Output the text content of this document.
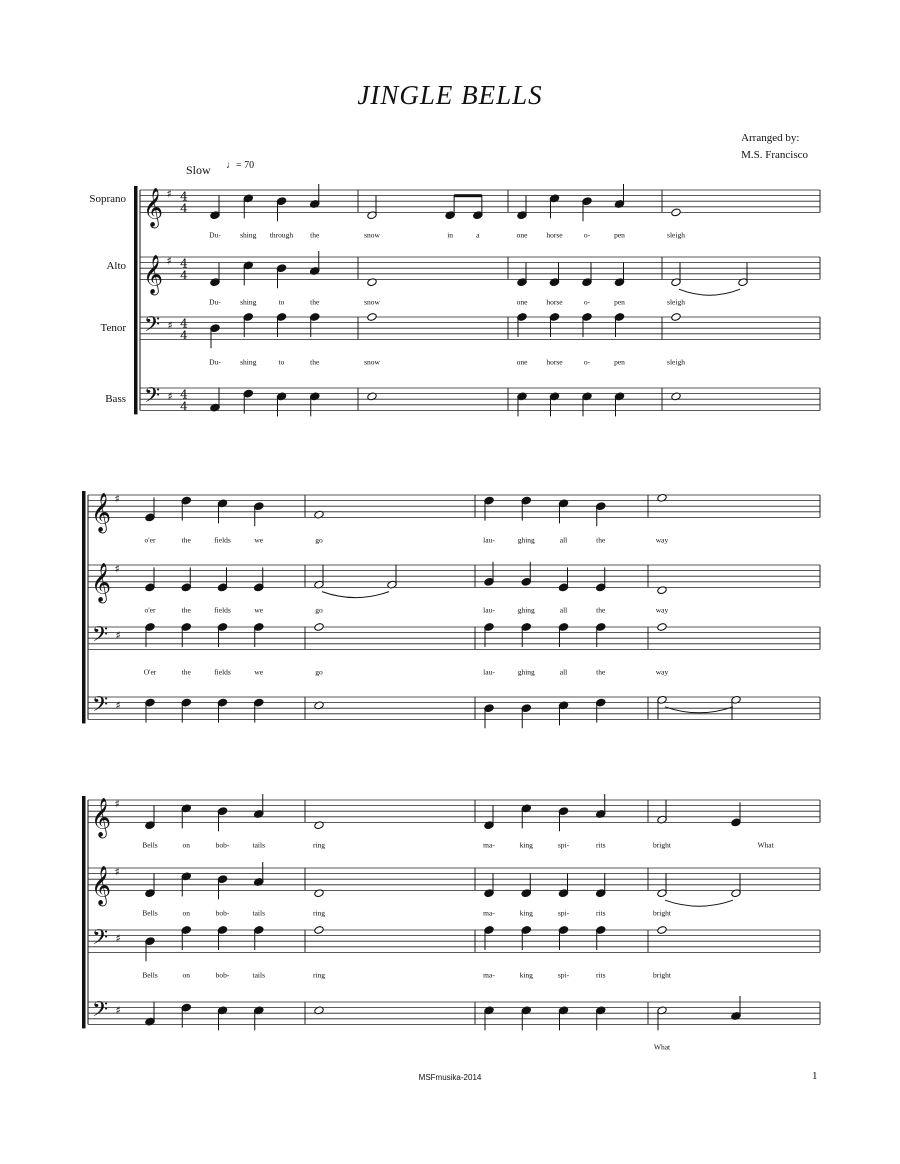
JINGLE BELLS
Arranged by:
M.S. Francisco
Slow ♩= 70
Soprano
Alto
Tenor
Bass
𝄞 ♯ 4
4
Du-	shing through the	snow	in	a	one	horse	o-	pen	sleigh
𝄞 ♯ 4
4
Du-	shing	to	the	snow	one	horse	o-	pen	sleigh
𝄢 ♯ 4
4
Du-	shing	to	the	snow	one	horse	o-	pen	sleigh
𝄢 ♯ 4
4
𝄞 ♯
o'er	the	fields	we	go	lau-	ghing	all	the	way
𝄞 ♯
o'er	the	fields	we	go	lau-	ghing	all	the	way
𝄢 ♯
O'er	the	fields	we	go	lau-	ghing	all	the	way
𝄢 ♯
𝄞 ♯
Bells	on	bob-	tails	ring	ma-	king	spi-	rits	bright	What
𝄞 ♯
Bells	on	bob-	tails	ring	ma-	king	spi-	rits	bright
𝄢 ♯
Bells	on	bob-	tails	ring	ma-	king	spi-	rits	bright
𝄢 ♯
What
MSFmusika-2014	1
